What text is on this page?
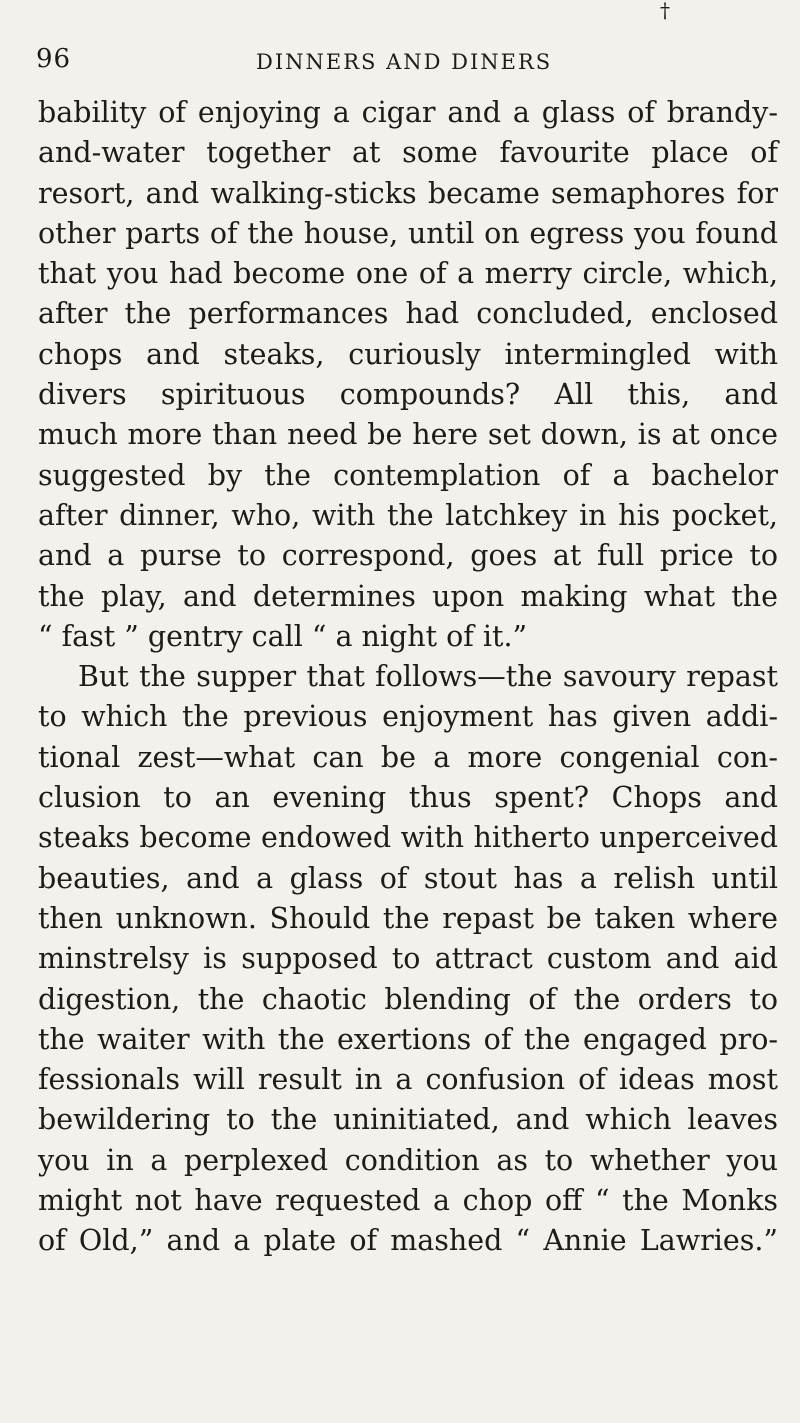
†
96	DINNERS AND DINERS
bability of enjoying a cigar and a glass of brandy-
and-water together at some favourite place of
resort, and walking-sticks became semaphores for
other parts of the house, until on egress you found
that you had become one of a merry circle, which,
after the performances had concluded, enclosed
chops and steaks, curiously intermingled with
divers spirituous compounds? All this, and
much more than need be here set down, is at once
suggested by the contemplation of a bachelor
after dinner, who, with the latchkey in his pocket,
and a purse to correspond, goes at full price to
the play, and determines upon making what the
“ fast ” gentry call “ a night of it.”
But the supper that follows—the savoury repast
to which the previous enjoyment has given addi-
tional zest—what can be a more congenial con-
clusion to an evening thus spent? Chops and
steaks become endowed with hitherto unperceived
beauties, and a glass of stout has a relish until
then unknown. Should the repast be taken where
minstrelsy is supposed to attract custom and aid
digestion, the chaotic blending of the orders to
the waiter with the exertions of the engaged pro-
fessionals will result in a confusion of ideas most
bewildering to the uninitiated, and which leaves
you in a perplexed condition as to whether you
might not have requested a chop off “ the Monks
of Old,” and a plate of mashed “ Annie Lawries.”
